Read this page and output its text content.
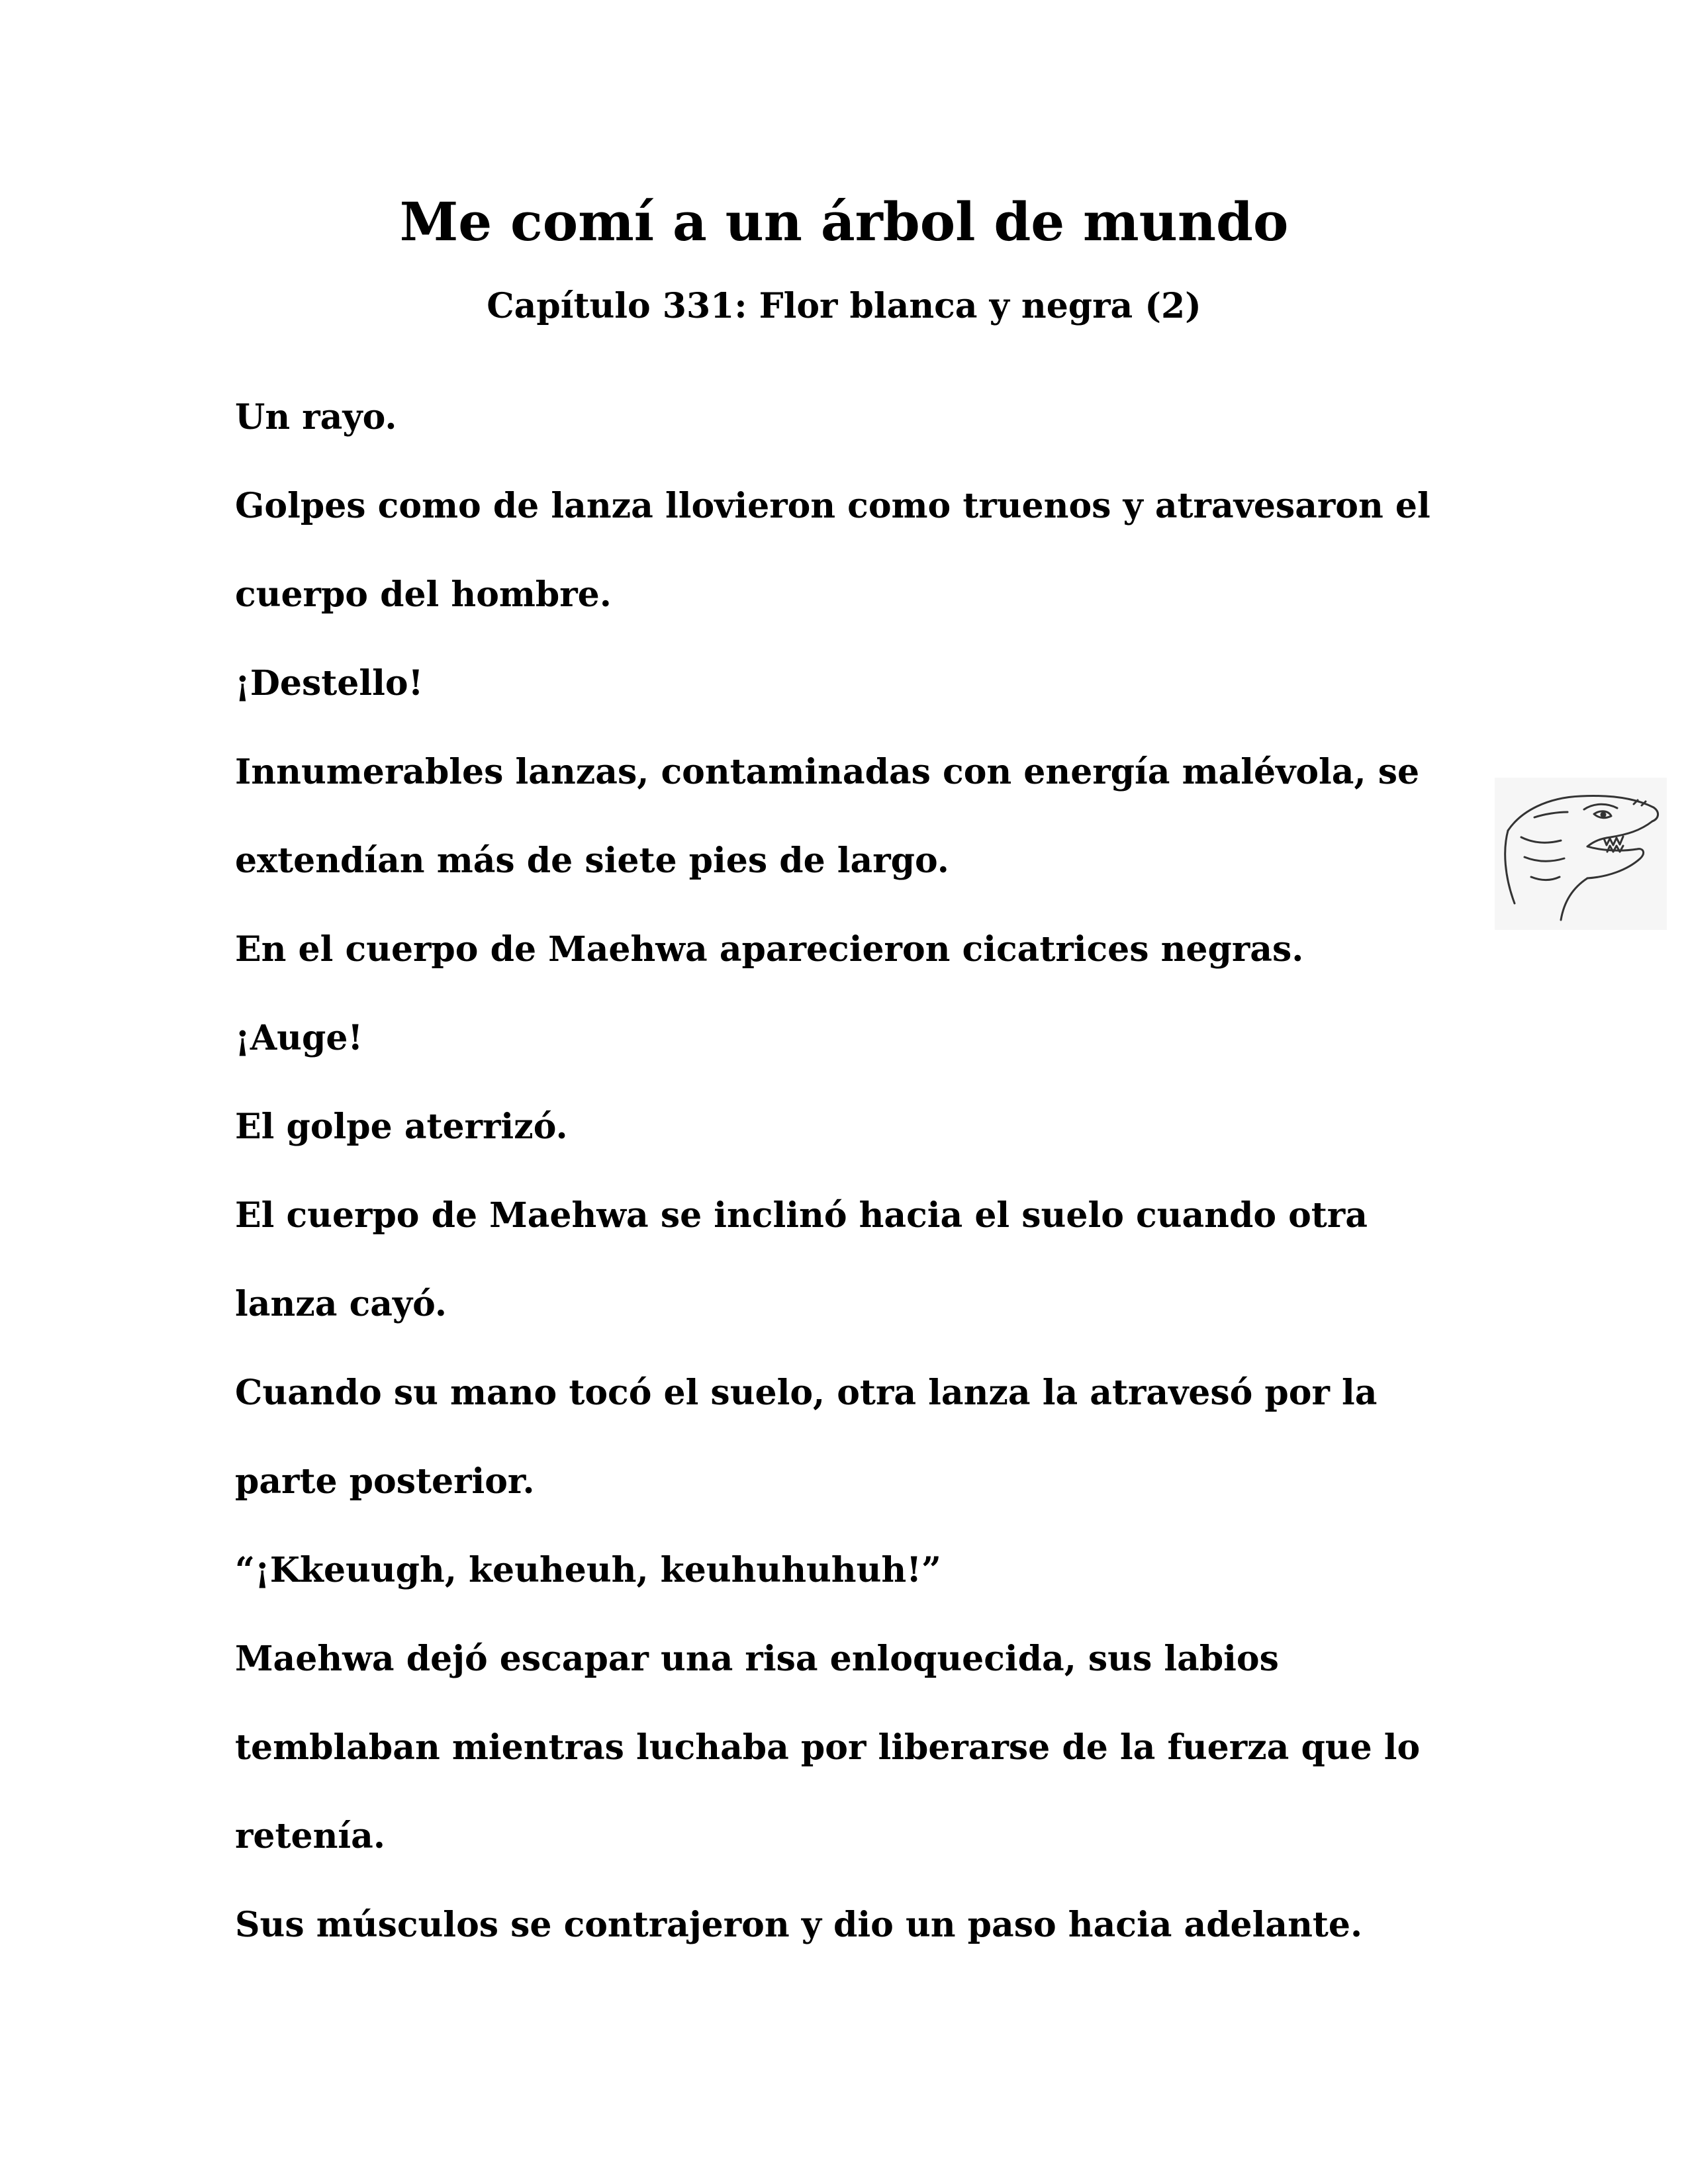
Me comí a un árbol de mundo
Capítulo 331: Flor blanca y negra (2)
Un rayo.
Golpes como de lanza llovieron como truenos y atravesaron el
cuerpo del hombre.
¡Destello!
Innumerables lanzas, contaminadas con energía malévola, se
extendían más de siete pies de largo.
En el cuerpo de Maehwa aparecieron cicatrices negras.
¡Auge!
El golpe aterrizó.
El cuerpo de Maehwa se inclinó hacia el suelo cuando otra
lanza cayó.
Cuando su mano tocó el suelo, otra lanza la atravesó por la
parte posterior.
“¡Kkeuugh, keuheuh, keuhuhuhuh!”
Maehwa dejó escapar una risa enloquecida, sus labios
temblaban mientras luchaba por liberarse de la fuerza que lo
retenía.
Sus músculos se contrajeron y dio un paso hacia adelante.
